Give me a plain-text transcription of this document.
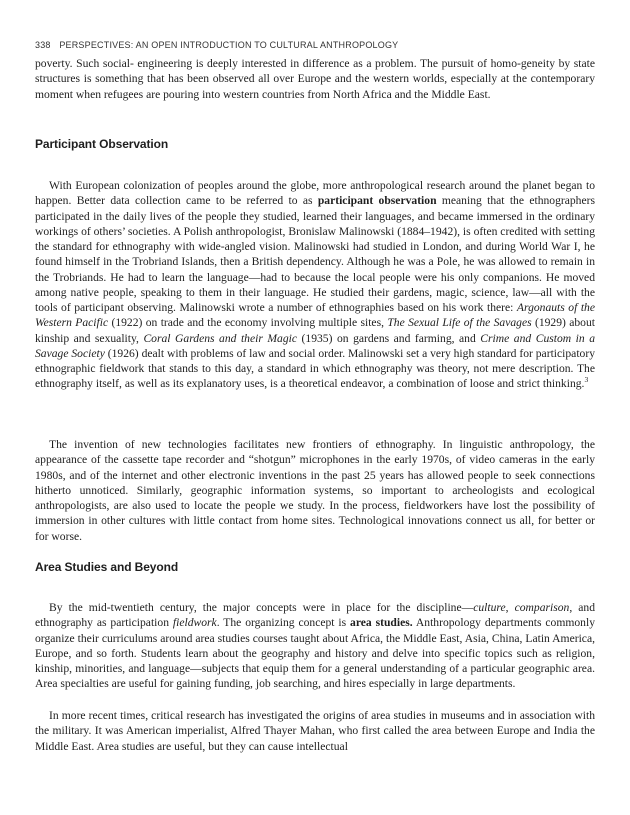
338 PERSPECTIVES: AN OPEN INTRODUCTION TO CULTURAL ANTHROPOLOGY

poverty. Such social- engineering is deeply interested in difference as a problem. The pursuit of homo-geneity by state structures is something that has been observed all over Europe and the western worlds, especially at the contemporary moment when refugees are pouring into western countries from North Africa and the Middle East.

Participant Observation

With European colonization of peoples around the globe, more anthropological research around the planet began to happen. Better data collection came to be referred to as participant observation meaning that the ethnographers participated in the daily lives of the people they studied, learned their languages, and became immersed in the ordinary workings of others’ societies. A Polish anthropologist, Bronislaw Malinowski (1884–1942), is often credited with setting the standard for ethnography with wide-angled vision. Malinowski had studied in London, and during World War I, he found himself in the Trobriand Islands, then a British dependency. Although he was a Pole, he was allowed to remain in the Trobriands. He had to learn the language—had to because the local people were his only companions. He moved among native people, speaking to them in their language. He studied their gardens, magic, science, law—all with the tools of participant observing. Malinowski wrote a number of ethnographies based on his work there: Argonauts of the Western Pacific (1922) on trade and the economy involving multiple sites, The Sexual Life of the Savages (1929) about kinship and sexuality, Coral Gardens and their Magic (1935) on gardens and farming, and Crime and Custom in a Savage Society (1926) dealt with problems of law and social order. Malinowski set a very high standard for participatory ethnographic fieldwork that stands to this day, a standard in which ethnography was theory, not mere description. The ethnography itself, as well as its explanatory uses, is a theoretical endeavor, a combination of loose and strict thinking.$^3$

The invention of new technologies facilitates new frontiers of ethnography. In linguistic anthropology, the appearance of the cassette tape recorder and “shotgun” microphones in the early 1970s, of video cameras in the early 1980s, and of the internet and other electronic inventions in the past 25 years has allowed people to seek connections hitherto unnoticed. Similarly, geographic information systems, so important to archeologists and ecological anthropologists, are also used to locate the people we study. In the process, fieldworkers have lost the possibility of immersion in other cultures with little contact from home sites. Technological innovations connect us all, for better or for worse.

Area Studies and Beyond

By the mid-twentieth century, the major concepts were in place for the discipline—culture, comparison, and ethnography as participation fieldwork. The organizing concept is area studies. Anthropology departments commonly organize their curriculums around area studies courses taught about Africa, the Middle East, Asia, China, Latin America, Europe, and so forth. Students learn about the geography and history and delve into specific topics such as religion, kinship, minorities, and language—subjects that equip them for a general understanding of a particular geographic area. Area specialties are useful for gaining funding, job searching, and hires especially in large departments.

In more recent times, critical research has investigated the origins of area studies in museums and in association with the military. It was American imperialist, Alfred Thayer Mahan, who first called the area between Europe and India the Middle East. Area studies are useful, but they can cause intellectual
